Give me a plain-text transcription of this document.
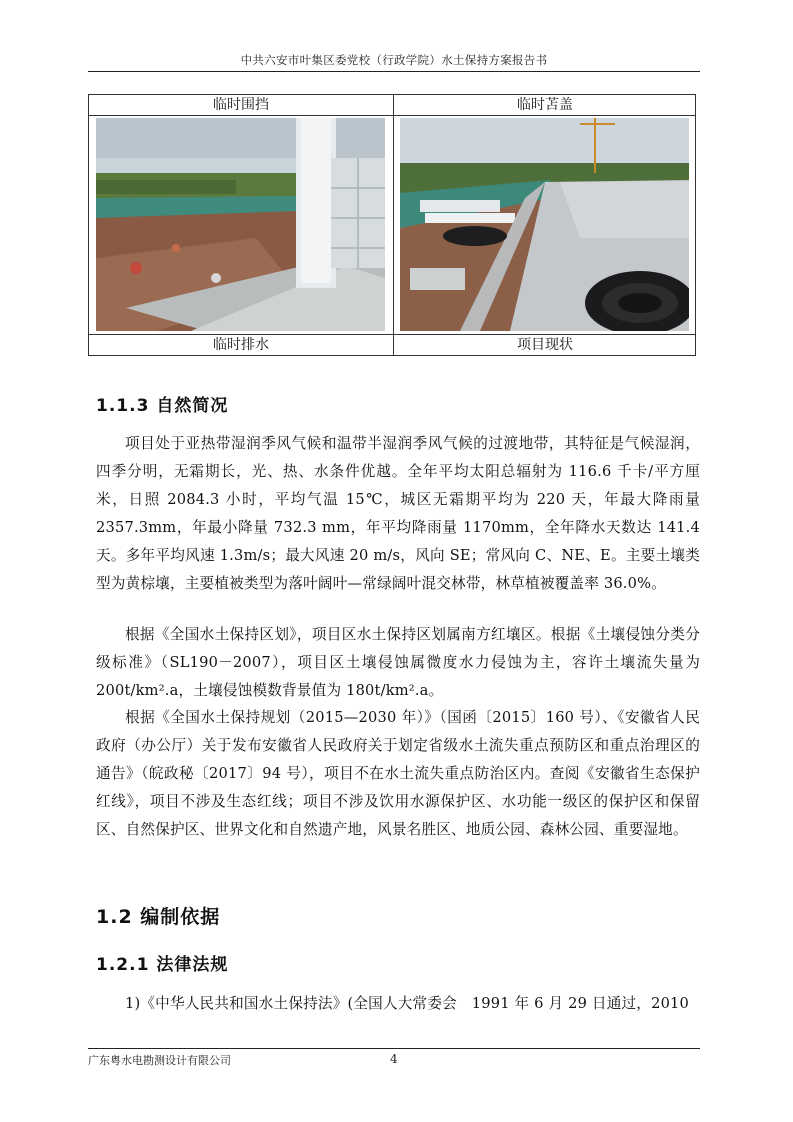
中共六安市叶集区委党校（行政学院）水土保持方案报告书
临时围挡	临时苫盖
临时排水	项目现状
1.1.3 自然简况

项目处于亚热带湿润季风气候和温带半湿润季风气候的过渡地带，其特征是气候湿润，四季分明，无霜期长，光、热、水条件优越。全年平均太阳总辐射为 116.6 千卡/平方厘米，日照 2084.3 小时，平均气温 15℃，城区无霜期平均为 220 天，年最大降雨量 2357.3mm，年最小降量 732.3 mm，年平均降雨量 1170mm，全年降水天数达 141.4 天。多年平均风速 1.3m/s；最大风速 20 m/s，风向 SE；常风向 C、NE、E。主要土壤类型为黄棕壤，主要植被类型为落叶阔叶—常绿阔叶混交林带，林草植被覆盖率 36.0%。

根据《全国水土保持区划》，项目区水土保持区划属南方红壤区。根据《土壤侵蚀分类分级标准》（SL190－2007），项目区土壤侵蚀属微度水力侵蚀为主，容许土壤流失量为 200t/km².a，土壤侵蚀模数背景值为 180t/km².a。

根据《全国水土保持规划（2015—2030 年）》（国函〔2015〕160 号）、《安徽省人民政府（办公厅）关于发布安徽省人民政府关于划定省级水土流失重点预防区和重点治理区的通告》（皖政秘〔2017〕94 号），项目不在水土流失重点防治区内。查阅《安徽省生态保护红线》，项目不涉及生态红线；项目不涉及饮用水源保护区、水功能一级区的保护区和保留区、自然保护区、世界文化和自然遗产地，风景名胜区、地质公园、森林公园、重要湿地。

1.2 编制依据
1.2.1 法律法规

1)《中华人民共和国水土保持法》(全国人大常委会　1991 年 6 月 29 日通过，2010

广东粤水电勘测设计有限公司	4
